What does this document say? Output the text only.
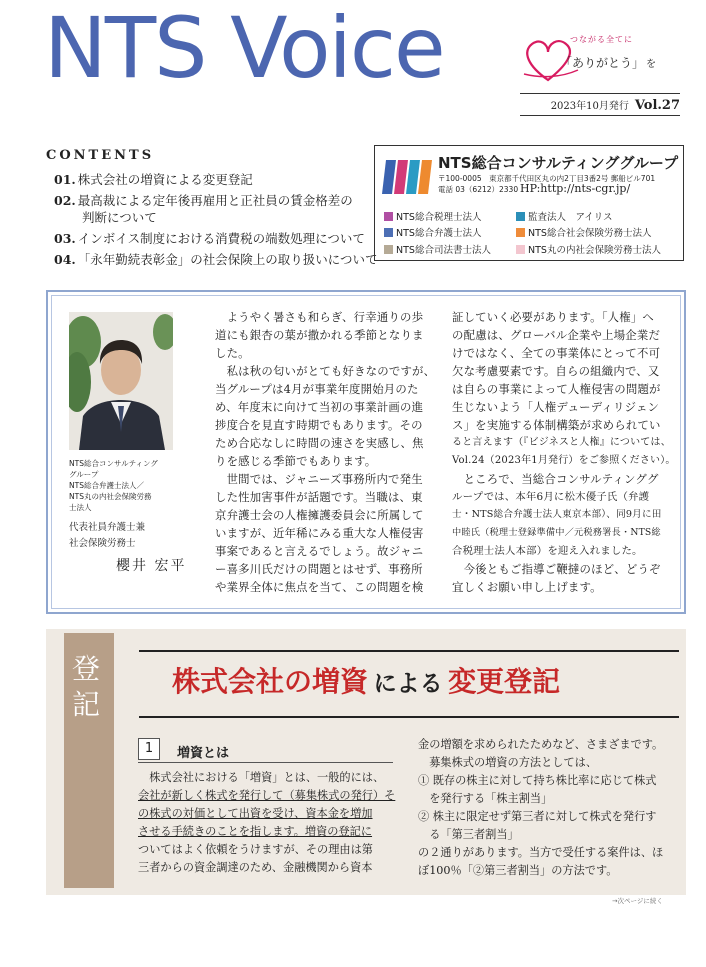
NTS Voice	つながる全てに
「ありがとう」 を
2023年10月発行 Vol.27
CONTENTS
01. 株式会社の増資による変更登記
02. 最高裁による定年後再雇用と正社員の賃金格差の
判断について
03. インボイス制度における消費税の端数処理について
04. 「永年勤続表彰金」の社会保険上の取り扱いについて
NTS総合コンサルティンググループ
〒100-0005　東京都千代田区丸の内2丁目3番2号 郵船ビル701
電話 03（6212）2330 HP:http://nts-cgr.jp/
NTS総合税理士法人	監査法人　アイリス
NTS総合弁護士法人	NTS総合社会保険労務士法人
NTS総合司法書士法人	NTS丸の内社会保険労務士法人
NTS総合コンサルティング
グループ
NTS総合弁護士法人／
NTS丸の内社会保険労務
士法人
代表社員弁護士兼
社会保険労務士
櫻井 宏平
　ようやく暑さも和らぎ、行幸通りの歩
道にも銀杏の葉が撒かれる季節となりま
した。
　私は秋の匂いがとても好きなのですが、
当グループは4月が事業年度開始月のた
め、年度末に向けて当初の事業計画の進
捗度合を見直す時期でもあります。その
ため合応なしに時間の速さを実感し、焦
りを感じる季節でもあります。
　世間では、ジャニーズ事務所内で発生
した性加害事件が話題です。当職は、東
京弁護士会の人権擁護委員会に所属して
いますが、近年稀にみる重大な人権侵害
事案であると言えるでしょう。故ジャニ
ー喜多川氏だけの問題とはせず、事務所
や業界全体に焦点を当て、この問題を検
証していく必要があります。「人権」へ
の配慮は、グローバル企業や上場企業だ
けではなく、全ての事業体にとって不可
欠な考慮要素です。自らの組織内で、又
は自らの事業によって人権侵害の問題が
生じないよう「人権デューディリジェン
ス」を実施する体制構築が求められてい
ると言えます（『ビジネスと人権』については、
Vol.24（2023年1月発行）をご参照ください）。
　ところで、当総合コンサルティンググ
ループでは、本年6月に松木優子氏（弁護
士・NTS総合弁護士法人東京本部）、同9月に田
中睦氏（税理士登録準備中／元税務署長・NTS総
合税理士法人本部）を迎え入れました。
　今後ともご指導ご鞭撻のほど、どうぞ
宜しくお願い申し上げます。
登
記
株式会社の増資 による 変更登記
1	増資とは
　株式会社における「増資」とは、一般的には、
会社が新しく株式を発行して（募集株式の発行）そ
の株式の対価として出資を受け、資本金を増加
させる手続きのことを指します。増資の登記に
ついてはよく依頼をうけますが、その理由は第
三者からの資金調達のため、金融機関から資本
金の増額を求められたためなど、さまざまです。
　募集株式の増資の方法としては、
① 既存の株主に対して持ち株比率に応じて株式
　を発行する「株主割当」
② 株主に限定せず第三者に対して株式を発行す
　る「第三者割当」
の２通りがあります。当方で受任する案件は、ほ
ぼ100％「②第三者割当」の方法です。
→次ページに続く
